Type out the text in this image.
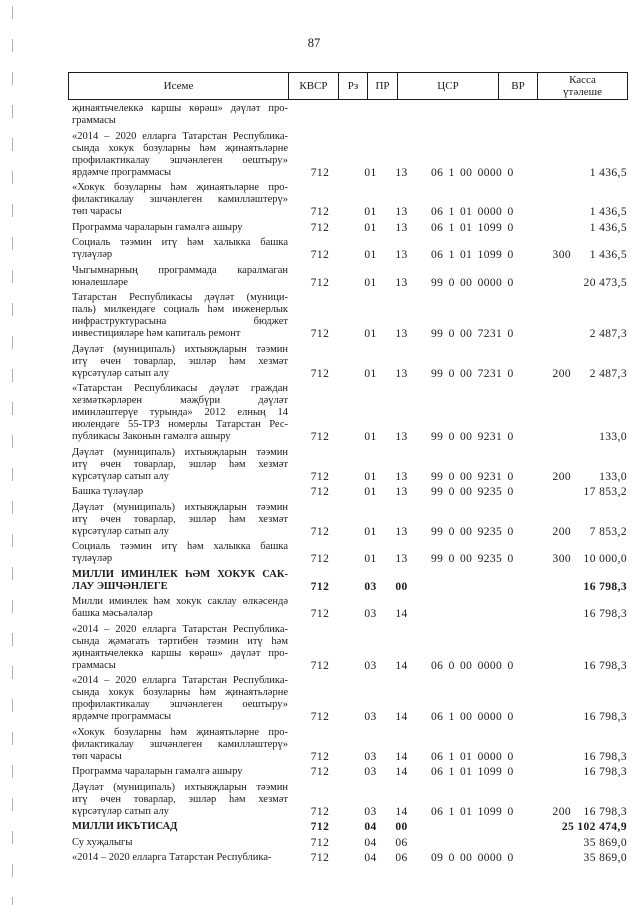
87
Исеме	КВСР	Рз	ПР	ЦСР	ВР	Касса
үтәлеше
җинаятьчелеккә каршы көрәш» дәүләт про-
граммасы
«2014 – 2020 елларга Татарстан Республика-
сында хокук бозуларны һәм җинаятьләрне
профилактикалау эшчәнлеген оештыру»
ярдәмче программасы	712	01	13	06 1 00 0000 0	1 436,5
«Хокук бозуларны һәм җинаятьләрне про-
филактикалау эшчәнлеген камилләштерү»
төп чарасы	712	01	13	06 1 01 0000 0	1 436,5
Программа чараларын гамәлгә ашыру	712	01	13	06 1 01 1099 0	1 436,5
Социаль тәэмин итү һәм халыкка башка
түләүләр	712	01	13	06 1 01 1099 0	300	1 436,5
Чыгымнарның программада каралмаган
юнәлешләре	712	01	13	99 0 00 0000 0	20 473,5
Татарстан Республикасы дәүләт (муници-
паль) милкендәге социаль һәм инженерлык
инфраструктурасына бюджет
инвестицияләре һәм капиталь ремонт	712	01	13	99 0 00 7231 0	2 487,3
Дәүләт (муниципаль) ихтыяҗларын тәэмин
итү өчен товарлар, эшләр һәм хезмәт
күрсәтүләр сатып алу	712	01	13	99 0 00 7231 0	200	2 487,3
«Татарстан Республикасы дәүләт граждан
хезмәткәрләрен мәҗбүри дәүләт
иминләштерүе турында» 2012 елның 14
июлендәге 55-ТРЗ номерлы Татарстан Рес-
публикасы Законын гамәлгә ашыру	712	01	13	99 0 00 9231 0	133,0
Дәүләт (муниципаль) ихтыяҗларын тәэмин
итү өчен товарлар, эшләр һәм хезмәт
күрсәтүләр сатып алу	712	01	13	99 0 00 9231 0	200	133,0
Башка түләүләр	712	01	13	99 0 00 9235 0	17 853,2
Дәүләт (муниципаль) ихтыяҗларын тәэмин
итү өчен товарлар, эшләр һәм хезмәт
күрсәтүләр сатып алу	712	01	13	99 0 00 9235 0	200	7 853,2
Социаль тәэмин итү һәм халыкка башка
түләүләр	712	01	13	99 0 00 9235 0	300	10 000,0
МИЛЛИ ИМИНЛЕК ҺӘМ ХОКУК САК-
ЛАУ ЭШЧӘНЛЕГЕ	712	03	00	16 798,3
Милли иминлек һәм хокук саклау өлкәсендә
башка мәсьәләләр	712	03	14	16 798,3
«2014 – 2020 елларга Татарстан Республика-
сында җәмәгать тәртибен тәэмин итү һәм
җинаятьчелеккә каршы көрәш» дәүләт про-
граммасы	712	03	14	06 0 00 0000 0	16 798,3
«2014 – 2020 елларга Татарстан Республика-
сында хокук бозуларны һәм җинаятьләрне
профилактикалау эшчәнлеген оештыру»
ярдәмче программасы	712	03	14	06 1 00 0000 0	16 798,3
«Хокук бозуларны һәм җинаятьләрне про-
филактикалау эшчәнлеген камилләштерү»
төп чарасы	712	03	14	06 1 01 0000 0	16 798,3
Программа чараларын гамәлгә ашыру	712	03	14	06 1 01 1099 0	16 798,3
Дәүләт (муниципаль) ихтыяҗларын тәэмин
итү өчен товарлар, эшләр һәм хезмәт
күрсәтүләр сатып алу	712	03	14	06 1 01 1099 0	200	16 798,3
МИЛЛИ ИКЪТИСАД	712	04	00	25 102 474,9
Су хуҗалыгы	712	04	06	35 869,0
«2014 – 2020 елларга Татарстан Республика-	712	04	06	09 0 00 0000 0	35 869,0
